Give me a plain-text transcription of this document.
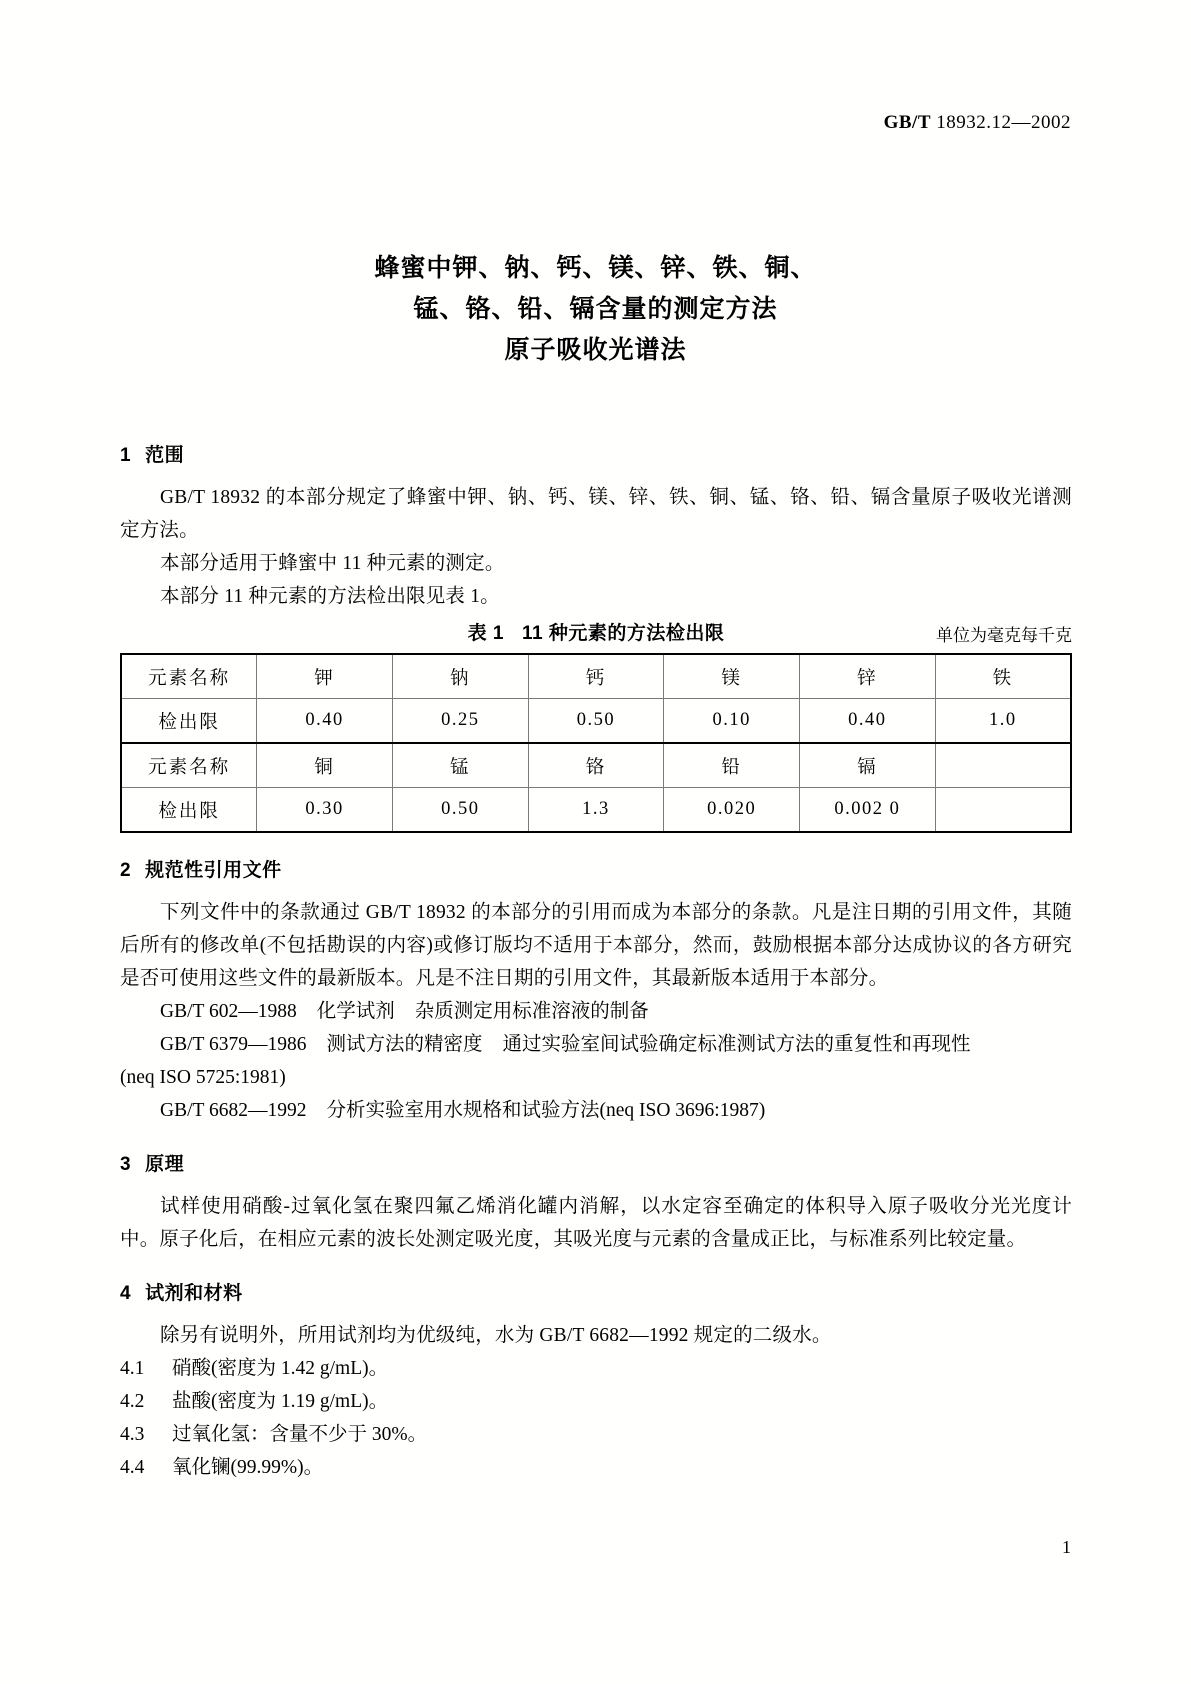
GB/T 18932.12—2002
蜂蜜中钾、钠、钙、镁、锌、铁、铜、
锰、铬、铅、镉含量的测定方法
原子吸收光谱法
1 范围

GB/T 18932 的本部分规定了蜂蜜中钾、钠、钙、镁、锌、铁、铜、锰、铬、铅、镉含量原子吸收光谱测定方法。

本部分适用于蜂蜜中 11 种元素的测定。

本部分 11 种元素的方法检出限见表 1。

表 1 11 种元素的方法检出限	单位为毫克每千克
元素名称	钾	钠	钙	镁	锌	铁
检出限	0.40	0.25	0.50	0.10	0.40	1.0
元素名称	铜	锰	铬	铅	镉	
检出限	0.30	0.50	1.3	0.020	0.002 0	
2 规范性引用文件

下列文件中的条款通过 GB/T 18932 的本部分的引用而成为本部分的条款。凡是注日期的引用文件，其随后所有的修改单(不包括勘误的内容)或修订版均不适用于本部分，然而，鼓励根据本部分达成协议的各方研究是否可使用这些文件的最新版本。凡是不注日期的引用文件，其最新版本适用于本部分。

GB/T 602—1988 化学试剂 杂质测定用标准溶液的制备

GB/T 6379—1986 测试方法的精密度 通过实验室间试验确定标准测试方法的重复性和再现性

(neq ISO 5725:1981)

GB/T 6682—1992 分析实验室用水规格和试验方法(neq ISO 3696:1987)

3 原理

试样使用硝酸-过氧化氢在聚四氟乙烯消化罐内消解，以水定容至确定的体积导入原子吸收分光光度计中。原子化后，在相应元素的波长处测定吸光度，其吸光度与元素的含量成正比，与标准系列比较定量。

4 试剂和材料

除另有说明外，所用试剂均为优级纯，水为 GB/T 6682—1992 规定的二级水。

4.1 硝酸(密度为 1.42 g/mL)。

4.2 盐酸(密度为 1.19 g/mL)。

4.3 过氧化氢：含量不少于 30%。

4.4 氧化镧(99.99%)。

1
